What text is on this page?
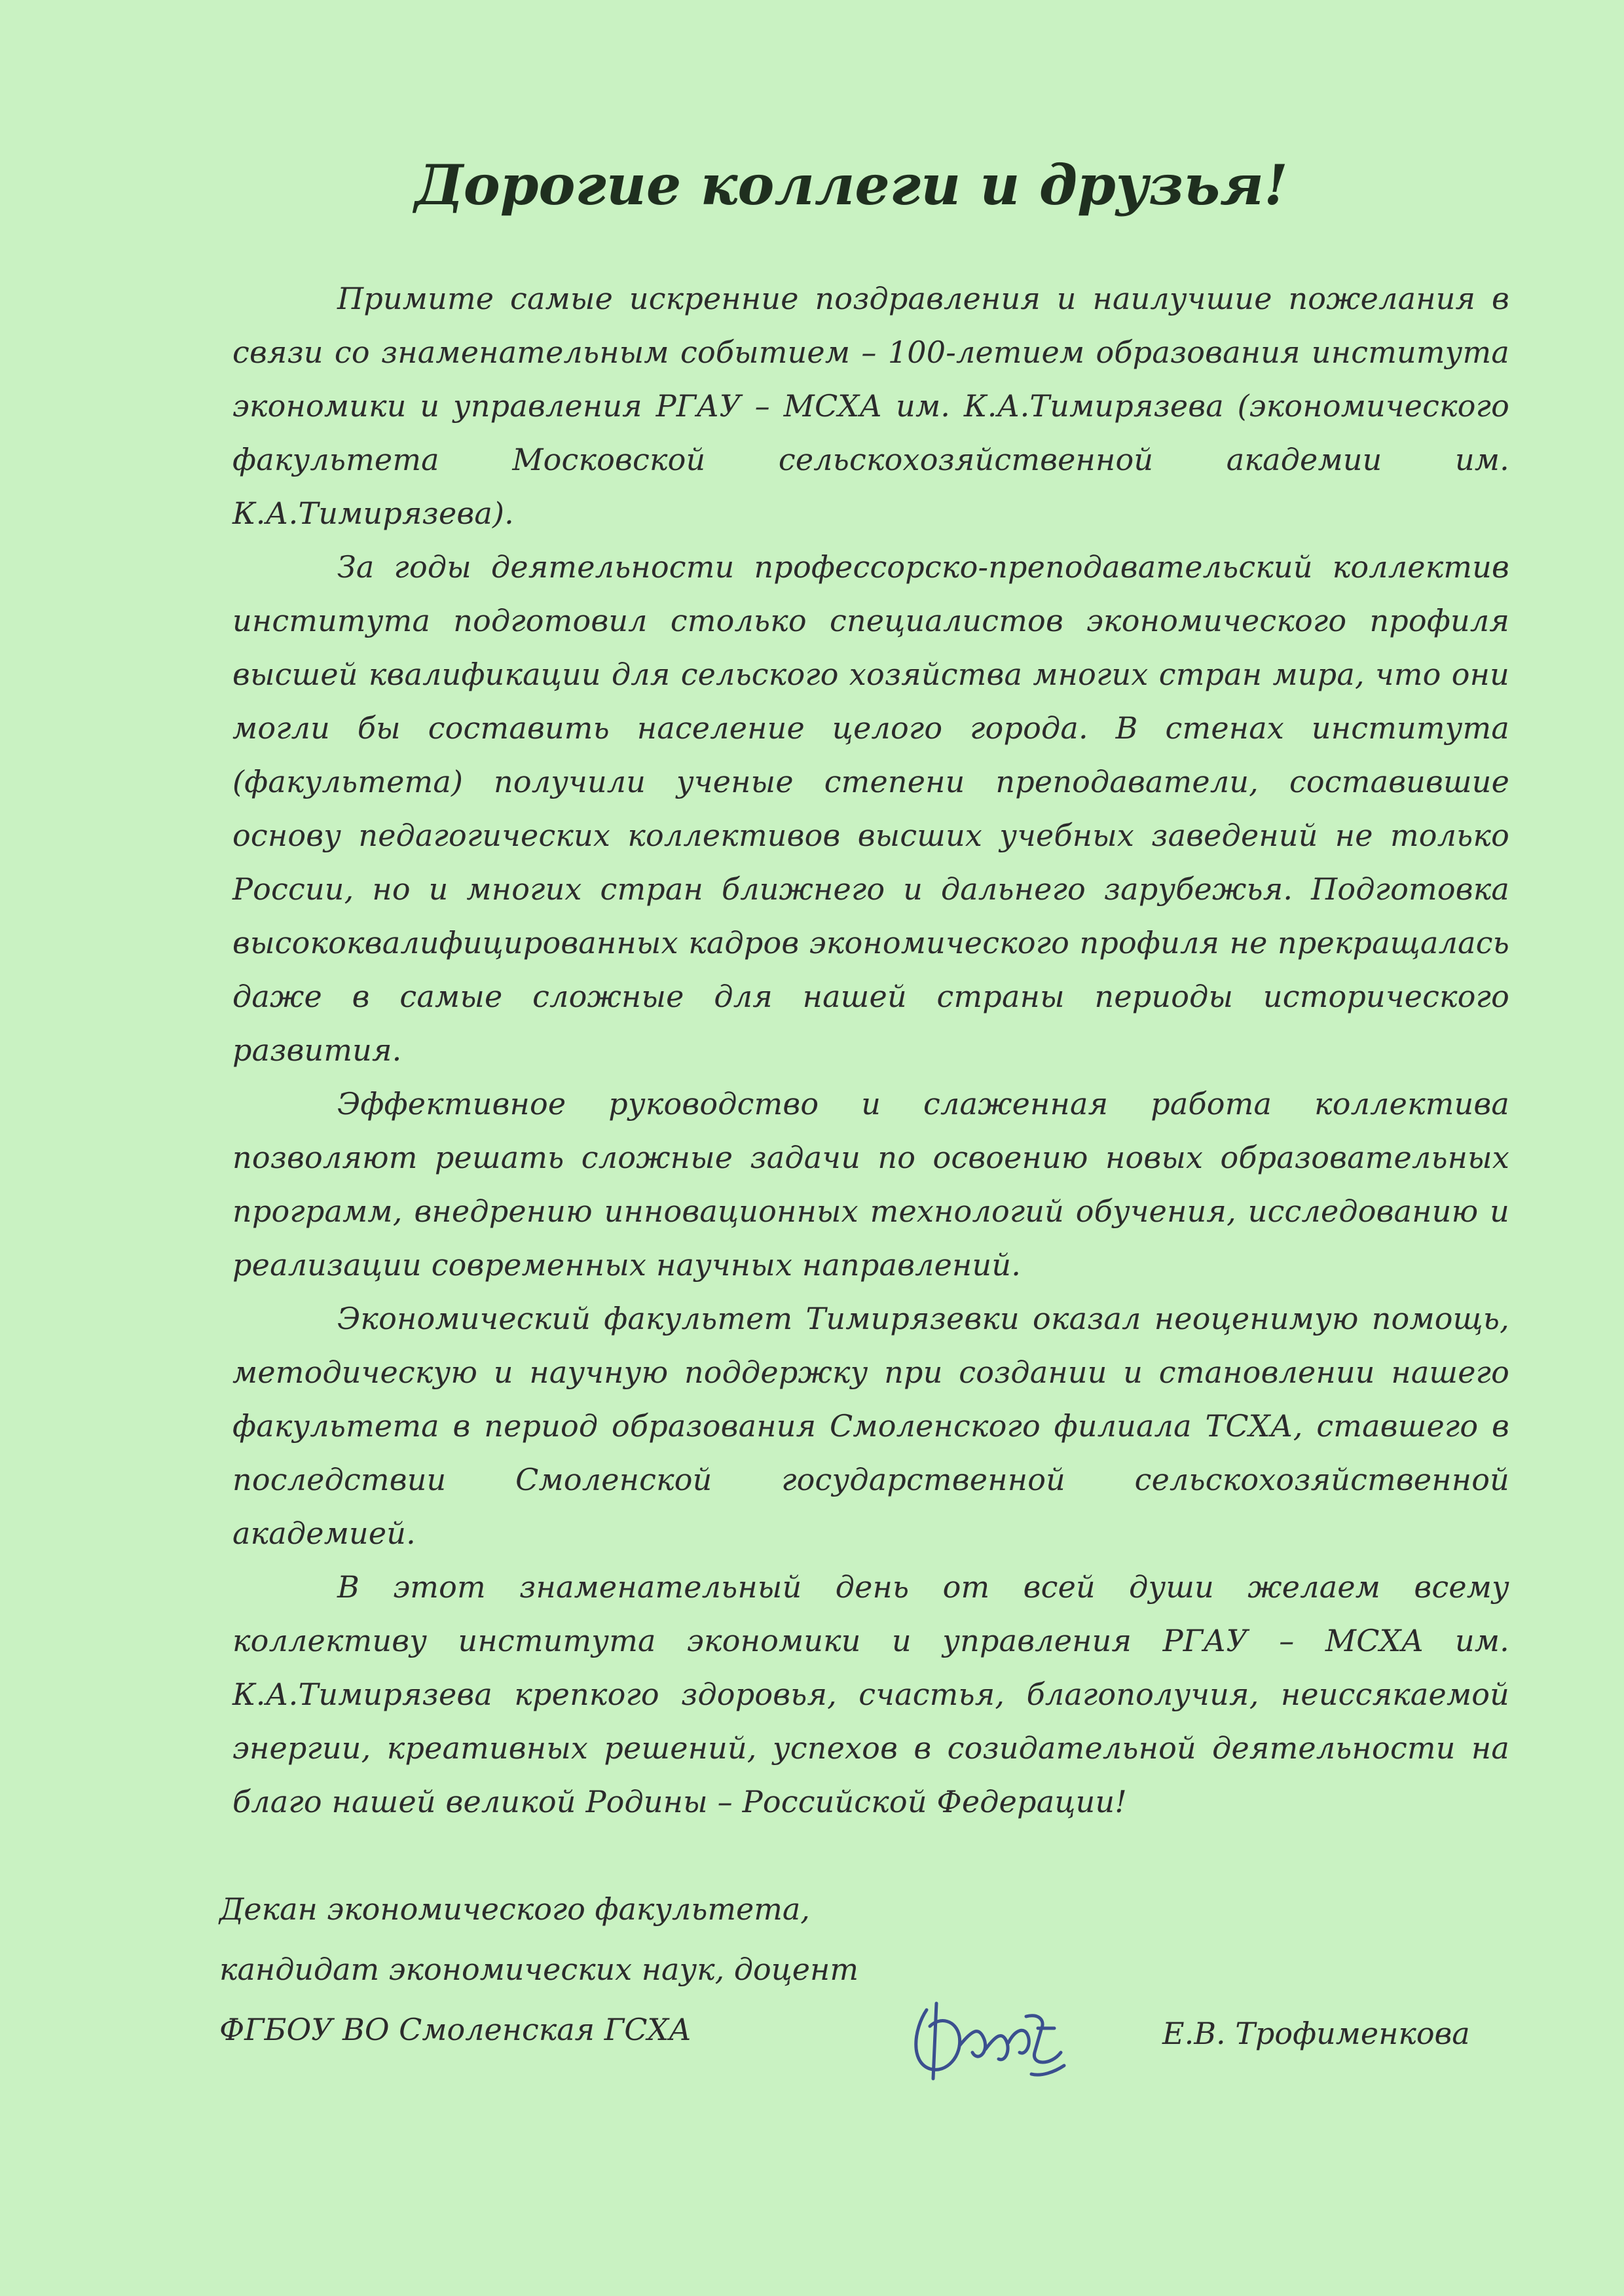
Дорогие коллеги и друзья!

Примите самые искренние поздравления и наилучшие пожелания в связи со знаменательным событием – 100-летием образования института экономики и управления РГАУ – МСХА им. К.А.Тимирязева (экономического факультета Московской сельскохозяйственной академии им. К.А.Тимирязева).

За годы деятельности профессорско-преподавательский коллектив института подготовил столько специалистов экономического профиля высшей квалификации для сельского хозяйства многих стран мира, что они могли бы составить население целого города. В стенах института (факультета) получили ученые степени преподаватели, составившие основу педагогических коллективов высших учебных заведений не только России, но и многих стран ближнего и дальнего зарубежья. Подготовка высококвалифицированных кадров экономического профиля не прекращалась даже в самые сложные для нашей страны периоды исторического развития.

Эффективное руководство и слаженная работа коллектива позволяют решать сложные задачи по освоению новых образовательных программ, внедрению инновационных технологий обучения, исследованию и реализации современных научных направлений.

Экономический факультет Тимирязевки оказал неоценимую помощь, методическую и научную поддержку при создании и становлении нашего факультета в период образования Смоленского филиала ТСХА, ставшего в последствии Смоленской государственной сельскохозяйственной академией.

В этот знаменательный день от всей души желаем всему коллективу института экономики и управления РГАУ – МСХА им. К.А.Тимирязева крепкого здоровья, счастья, благополучия, неиссякаемой энергии, креативных решений, успехов в созидательной деятельности на благо нашей великой Родины – Российской Федерации!

Декан экономического факультета,
кандидат экономических наук, доцент
ФГБОУ ВО Смоленская ГСХА	Е.В. Трофименкова
